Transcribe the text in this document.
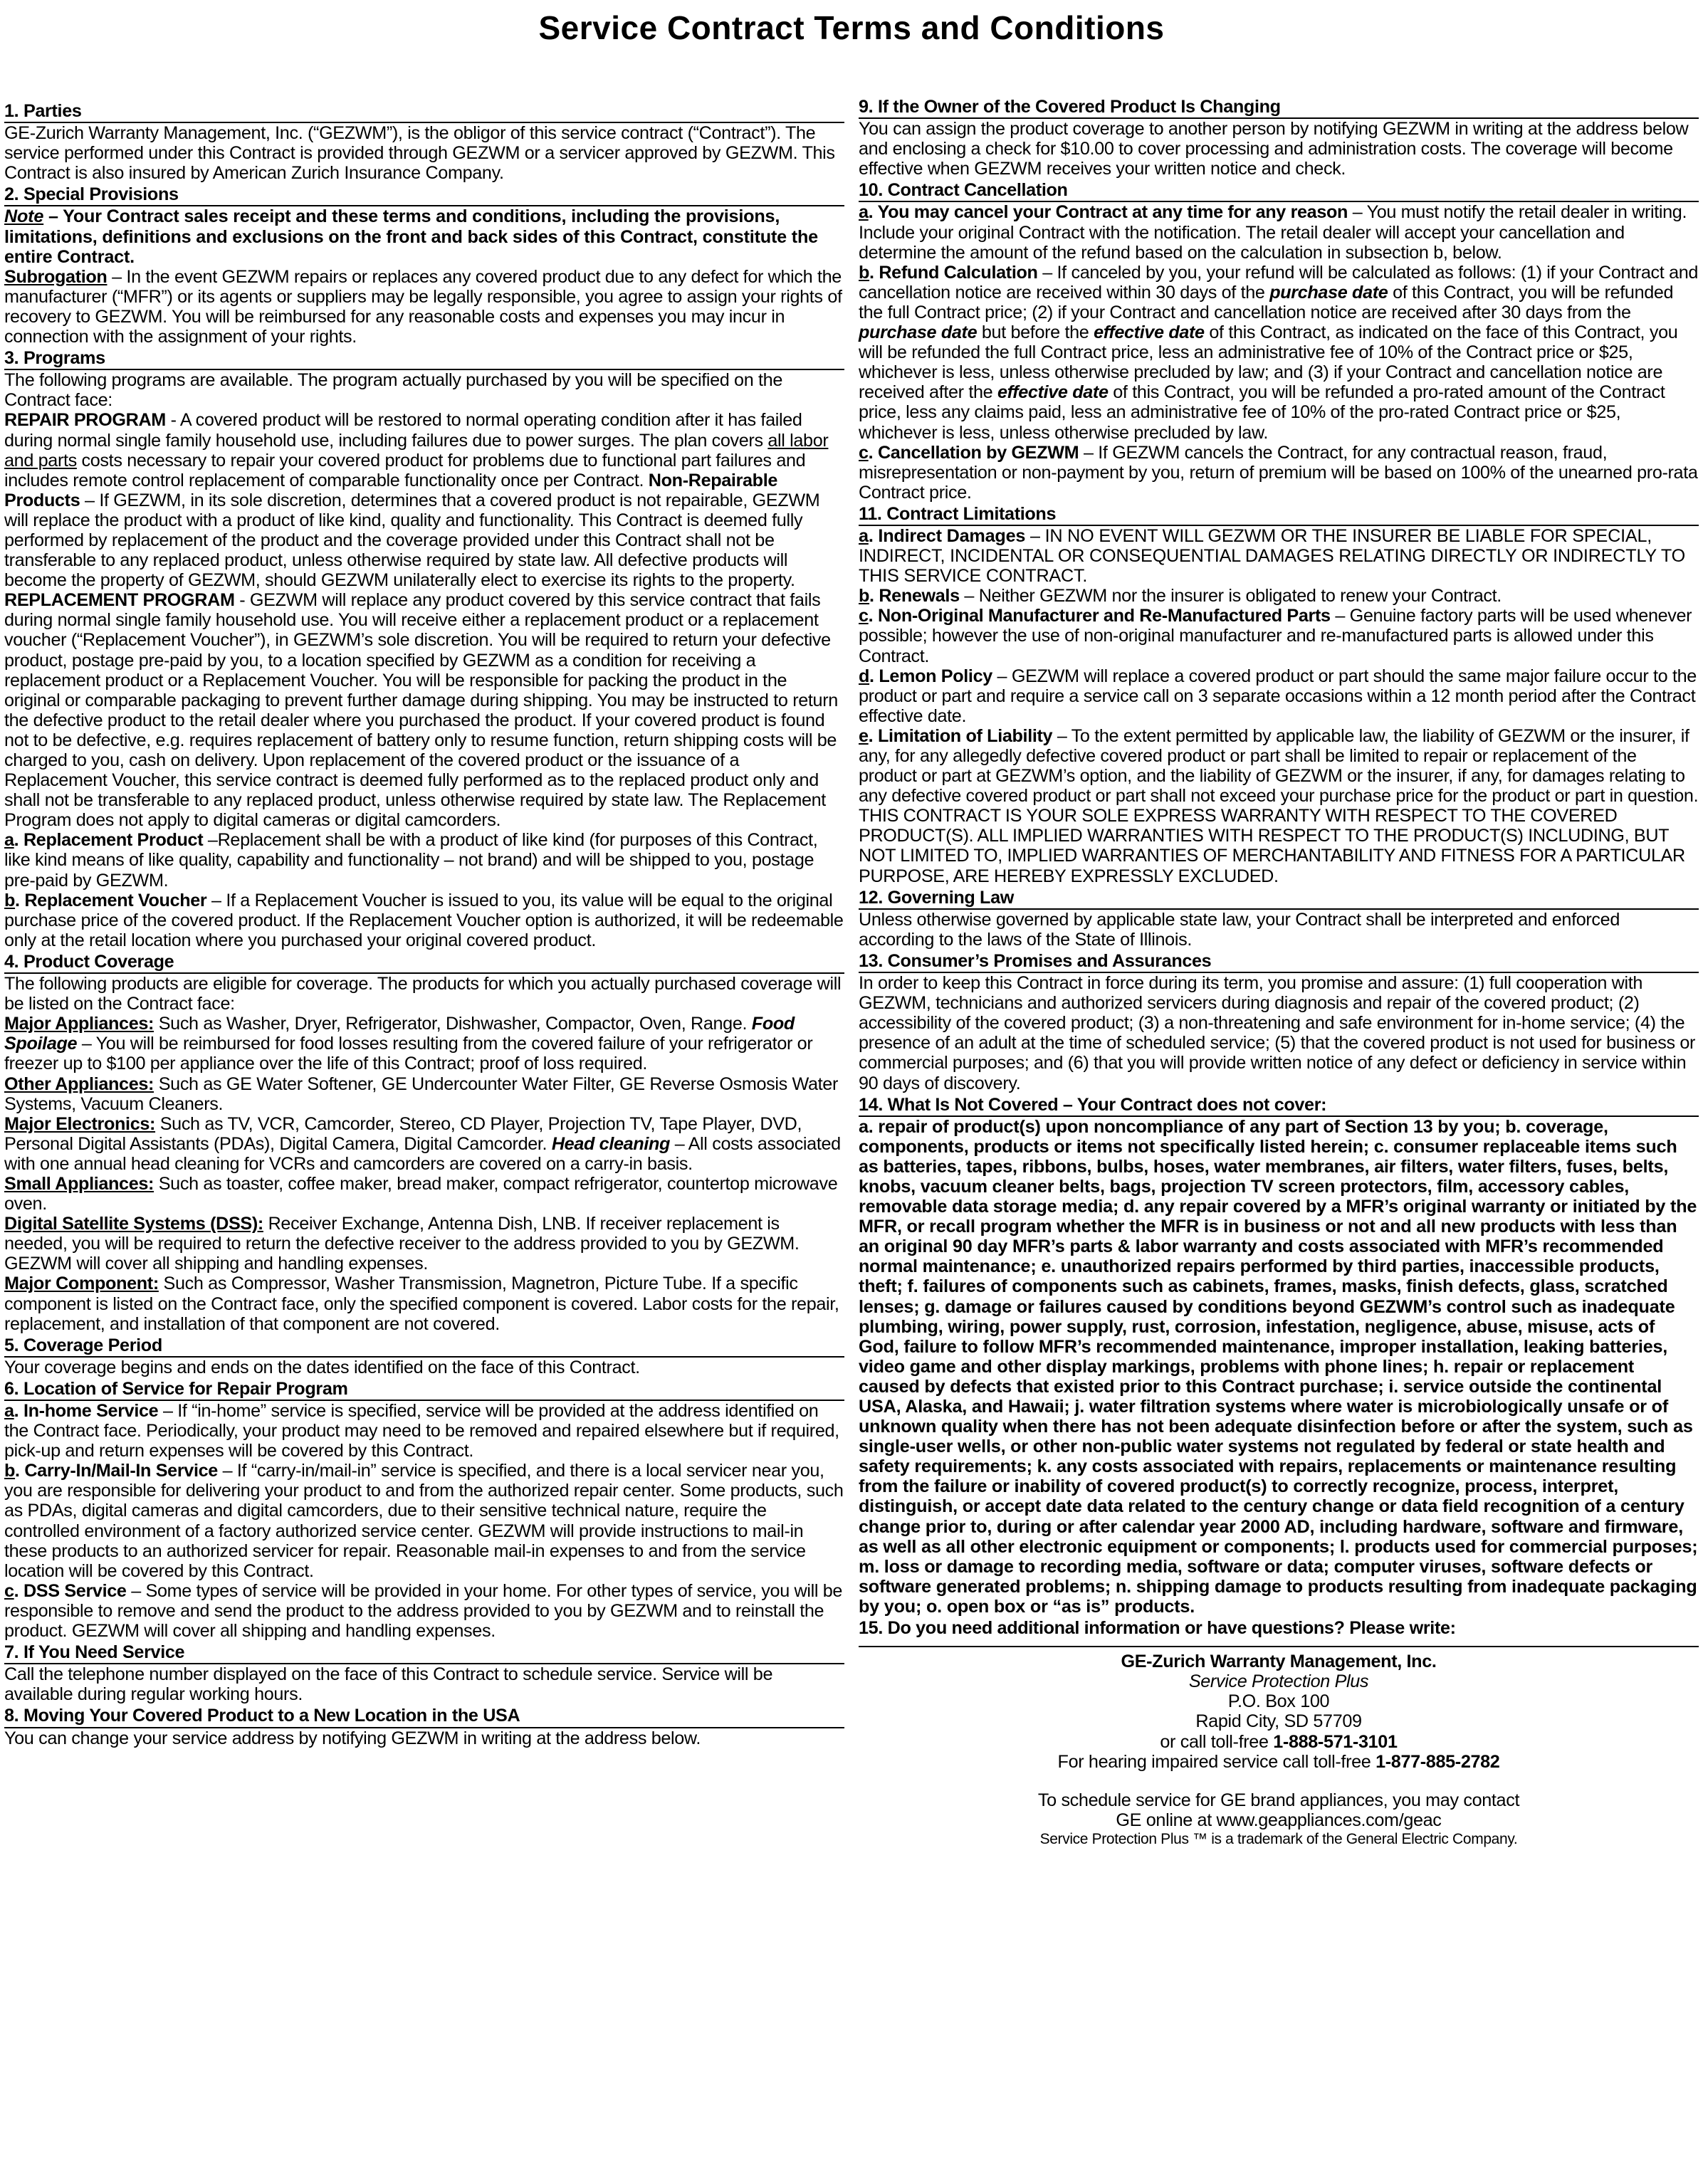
Service Contract Terms and Conditions
1. Parties

GE-Zurich Warranty Management, Inc. (“GEZWM”), is the obligor of this service contract (“Contract”). The service performed under this Contract is provided through GEZWM or a servicer approved by GEZWM. This Contract is also insured by American Zurich Insurance Company.

2. Special Provisions

Note – Your Contract sales receipt and these terms and conditions, including the provisions, limitations, definitions and exclusions on the front and back sides of this Contract, constitute the entire Contract.

Subrogation – In the event GEZWM repairs or replaces any covered product due to any defect for which the manufacturer (“MFR”) or its agents or suppliers may be legally responsible, you agree to assign your rights of recovery to GEZWM. You will be reimbursed for any reasonable costs and expenses you may incur in connection with the assignment of your rights.

3. Programs

The following programs are available. The program actually purchased by you will be specified on the Contract face:

REPAIR PROGRAM - A covered product will be restored to normal operating condition after it has failed during normal single family household use, including failures due to power surges. The plan covers all labor and parts costs necessary to repair your covered product for problems due to functional part failures and includes remote control replacement of comparable functionality once per Contract. Non-Repairable Products – If GEZWM, in its sole discretion, determines that a covered product is not repairable, GEZWM will replace the product with a product of like kind, quality and functionality. This Contract is deemed fully performed by replacement of the product and the coverage provided under this Contract shall not be transferable to any replaced product, unless otherwise required by state law. All defective products will become the property of GEZWM, should GEZWM unilaterally elect to exercise its rights to the property.

REPLACEMENT PROGRAM - GEZWM will replace any product covered by this service contract that fails during normal single family household use. You will receive either a replacement product or a replacement voucher (“Replacement Voucher”), in GEZWM’s sole discretion. You will be required to return your defective product, postage pre-paid by you, to a location specified by GEZWM as a condition for receiving a replacement product or a Replacement Voucher. You will be responsible for packing the product in the original or comparable packaging to prevent further damage during shipping. You may be instructed to return the defective product to the retail dealer where you purchased the product. If your covered product is found not to be defective, e.g. requires replacement of battery only to resume function, return shipping costs will be charged to you, cash on delivery. Upon replacement of the covered product or the issuance of a Replacement Voucher, this service contract is deemed fully performed as to the replaced product only and shall not be transferable to any replaced product, unless otherwise required by state law. The Replacement Program does not apply to digital cameras or digital camcorders.

a. Replacement Product –Replacement shall be with a product of like kind (for purposes of this Contract, like kind means of like quality, capability and functionality – not brand) and will be shipped to you, postage pre-paid by GEZWM.

b. Replacement Voucher – If a Replacement Voucher is issued to you, its value will be equal to the original purchase price of the covered product. If the Replacement Voucher option is authorized, it will be redeemable only at the retail location where you purchased your original covered product.

4. Product Coverage

The following products are eligible for coverage. The products for which you actually purchased coverage will be listed on the Contract face:

Major Appliances: Such as Washer, Dryer, Refrigerator, Dishwasher, Compactor, Oven, Range. Food Spoilage – You will be reimbursed for food losses resulting from the covered failure of your refrigerator or freezer up to $100 per appliance over the life of this Contract; proof of loss required.

Other Appliances: Such as GE Water Softener, GE Undercounter Water Filter, GE Reverse Osmosis Water Systems, Vacuum Cleaners.

Major Electronics: Such as TV, VCR, Camcorder, Stereo, CD Player, Projection TV, Tape Player, DVD, Personal Digital Assistants (PDAs), Digital Camera, Digital Camcorder. Head cleaning – All costs associated with one annual head cleaning for VCRs and camcorders are covered on a carry-in basis.

Small Appliances: Such as toaster, coffee maker, bread maker, compact refrigerator, countertop microwave oven.

Digital Satellite Systems (DSS): Receiver Exchange, Antenna Dish, LNB. If receiver replacement is needed, you will be required to return the defective receiver to the address provided to you by GEZWM. GEZWM will cover all shipping and handling expenses.

Major Component: Such as Compressor, Washer Transmission, Magnetron, Picture Tube. If a specific component is listed on the Contract face, only the specified component is covered. Labor costs for the repair, replacement, and installation of that component are not covered.

5. Coverage Period

Your coverage begins and ends on the dates identified on the face of this Contract.

6. Location of Service for Repair Program

a. In-home Service – If “in-home” service is specified, service will be provided at the address identified on the Contract face. Periodically, your product may need to be removed and repaired elsewhere but if required, pick-up and return expenses will be covered by this Contract.

b. Carry-In/Mail-In Service – If “carry-in/mail-in” service is specified, and there is a local servicer near you, you are responsible for delivering your product to and from the authorized repair center. Some products, such as PDAs, digital cameras and digital camcorders, due to their sensitive technical nature, require the controlled environment of a factory authorized service center. GEZWM will provide instructions to mail-in these products to an authorized servicer for repair. Reasonable mail-in expenses to and from the service location will be covered by this Contract.

c. DSS Service – Some types of service will be provided in your home. For other types of service, you will be responsible to remove and send the product to the address provided to you by GEZWM and to reinstall the product. GEZWM will cover all shipping and handling expenses.

7. If You Need Service

Call the telephone number displayed on the face of this Contract to schedule service. Service will be available during regular working hours.

8. Moving Your Covered Product to a New Location in the USA

You can change your service address by notifying GEZWM in writing at the address below.

9. If the Owner of the Covered Product Is Changing

You can assign the product coverage to another person by notifying GEZWM in writing at the address below and enclosing a check for $10.00 to cover processing and administration costs. The coverage will become effective when GEZWM receives your written notice and check.

10. Contract Cancellation

a. You may cancel your Contract at any time for any reason – You must notify the retail dealer in writing. Include your original Contract with the notification. The retail dealer will accept your cancellation and determine the amount of the refund based on the calculation in subsection b, below.

b. Refund Calculation – If canceled by you, your refund will be calculated as follows: (1) if your Contract and cancellation notice are received within 30 days of the purchase date of this Contract, you will be refunded the full Contract price; (2) if your Contract and cancellation notice are received after 30 days from the purchase date but before the effective date of this Contract, as indicated on the face of this Contract, you will be refunded the full Contract price, less an administrative fee of 10% of the Contract price or $25, whichever is less, unless otherwise precluded by law; and (3) if your Contract and cancellation notice are received after the effective date of this Contract, you will be refunded a pro-rated amount of the Contract price, less any claims paid, less an administrative fee of 10% of the pro-rated Contract price or $25, whichever is less, unless otherwise precluded by law.

c. Cancellation by GEZWM – If GEZWM cancels the Contract, for any contractual reason, fraud, misrepresentation or non-payment by you, return of premium will be based on 100% of the unearned pro-rata Contract price.

11. Contract Limitations

a. Indirect Damages – IN NO EVENT WILL GEZWM OR THE INSURER BE LIABLE FOR SPECIAL, INDIRECT, INCIDENTAL OR CONSEQUENTIAL DAMAGES RELATING DIRECTLY OR INDIRECTLY TO THIS SERVICE CONTRACT.

b. Renewals – Neither GEZWM nor the insurer is obligated to renew your Contract.

c. Non-Original Manufacturer and Re-Manufactured Parts – Genuine factory parts will be used whenever possible; however the use of non-original manufacturer and re-manufactured parts is allowed under this Contract.

d. Lemon Policy – GEZWM will replace a covered product or part should the same major failure occur to the product or part and require a service call on 3 separate occasions within a 12 month period after the Contract effective date.

e. Limitation of Liability – To the extent permitted by applicable law, the liability of GEZWM or the insurer, if any, for any allegedly defective covered product or part shall be limited to repair or replacement of the product or part at GEZWM’s option, and the liability of GEZWM or the insurer, if any, for damages relating to any defective covered product or part shall not exceed your purchase price for the product or part in question. THIS CONTRACT IS YOUR SOLE EXPRESS WARRANTY WITH RESPECT TO THE COVERED PRODUCT(S). ALL IMPLIED WARRANTIES WITH RESPECT TO THE PRODUCT(S) INCLUDING, BUT NOT LIMITED TO, IMPLIED WARRANTIES OF MERCHANTABILITY AND FITNESS FOR A PARTICULAR PURPOSE, ARE HEREBY EXPRESSLY EXCLUDED.

12. Governing Law

Unless otherwise governed by applicable state law, your Contract shall be interpreted and enforced according to the laws of the State of Illinois.

13. Consumer’s Promises and Assurances

In order to keep this Contract in force during its term, you promise and assure: (1) full cooperation with GEZWM, technicians and authorized servicers during diagnosis and repair of the covered product; (2) accessibility of the covered product; (3) a non-threatening and safe environment for in-home service; (4) the presence of an adult at the time of scheduled service; (5) that the covered product is not used for business or commercial purposes; and (6) that you will provide written notice of any defect or deficiency in service within 90 days of discovery.

14. What Is Not Covered – Your Contract does not cover:

a. repair of product(s) upon noncompliance of any part of Section 13 by you; b. coverage, components, products or items not specifically listed herein; c. consumer replaceable items such as batteries, tapes, ribbons, bulbs, hoses, water membranes, air filters, water filters, fuses, belts, knobs, vacuum cleaner belts, bags, projection TV screen protectors, film, accessory cables, removable data storage media; d. any repair covered by a MFR’s original warranty or initiated by the MFR, or recall program whether the MFR is in business or not and all new products with less than an original 90 day MFR’s parts & labor warranty and costs associated with MFR’s recommended normal maintenance; e. unauthorized repairs performed by third parties, inaccessible products, theft; f. failures of components such as cabinets, frames, masks, finish defects, glass, scratched lenses; g. damage or failures caused by conditions beyond GEZWM’s control such as inadequate plumbing, wiring, power supply, rust, corrosion, infestation, negligence, abuse, misuse, acts of God, failure to follow MFR’s recommended maintenance, improper installation, leaking batteries, video game and other display markings, problems with phone lines; h. repair or replacement caused by defects that existed prior to this Contract purchase; i. service outside the continental USA, Alaska, and Hawaii; j. water filtration systems where water is microbiologically unsafe or of unknown quality when there has not been adequate disinfection before or after the system, such as single-user wells, or other non-public water systems not regulated by federal or state health and safety requirements; k. any costs associated with repairs, replacements or maintenance resulting from the failure or inability of covered product(s) to correctly recognize, process, interpret, distinguish, or accept date data related to the century change or data field recognition of a century change prior to, during or after calendar year 2000 AD, including hardware, software and firmware, as well as all other electronic equipment or components; l. products used for commercial purposes; m. loss or damage to recording media, software or data; computer viruses, software defects or software generated problems; n. shipping damage to products resulting from inadequate packaging by you; o. open box or “as is” products.

15. Do you need additional information or have questions? Please write:
GE-Zurich Warranty Management, Inc.
Service Protection Plus
P.O. Box 100
Rapid City, SD 57709
or call toll-free 1-888-571-3101
For hearing impaired service call toll-free 1-877-885-2782
To schedule service for GE brand appliances, you may contact
GE online at www.geappliances.com/geac
Service Protection Plus ™ is a trademark of the General Electric Company.
